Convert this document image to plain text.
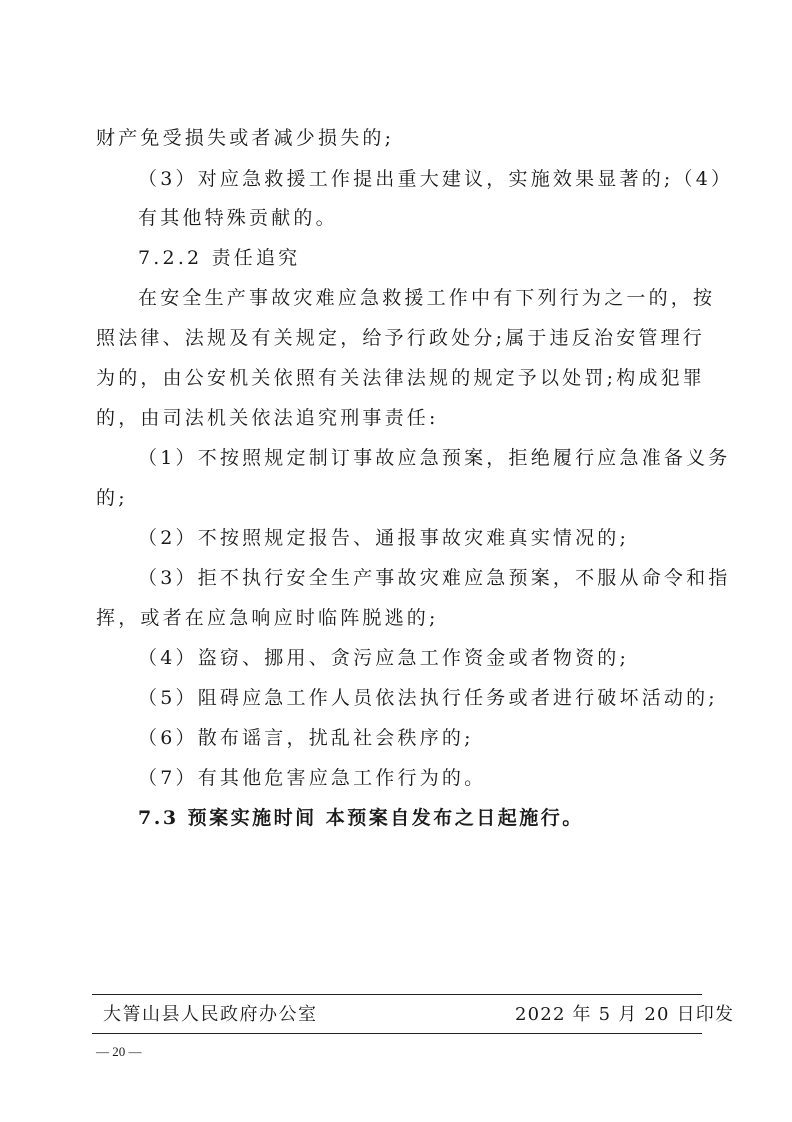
财产免受损失或者减少损失的;
（3）对应急救援工作提出重大建议，实施效果显著的;（4）
有其他特殊贡献的。
7.2.2 责任追究
在安全生产事故灾难应急救援工作中有下列行为之一的，按
照法律、法规及有关规定，给予行政处分;属于违反治安管理行
为的，由公安机关依照有关法律法规的规定予以处罚;构成犯罪
的，由司法机关依法追究刑事责任:
（1）不按照规定制订事故应急预案，拒绝履行应急准备义务
的;
（2）不按照规定报告、通报事故灾难真实情况的;
（3）拒不执行安全生产事故灾难应急预案，不服从命令和指
挥，或者在应急响应时临阵脱逃的;
（4）盗窃、挪用、贪污应急工作资金或者物资的;
（5）阻碍应急工作人员依法执行任务或者进行破坏活动的;
（6）散布谣言，扰乱社会秩序的;
（7）有其他危害应急工作行为的。
7.3 预案实施时间 本预案自发布之日起施行。
大箐山县人民政府办公室	2022 年 5 月 20 日印发
— 20 —
